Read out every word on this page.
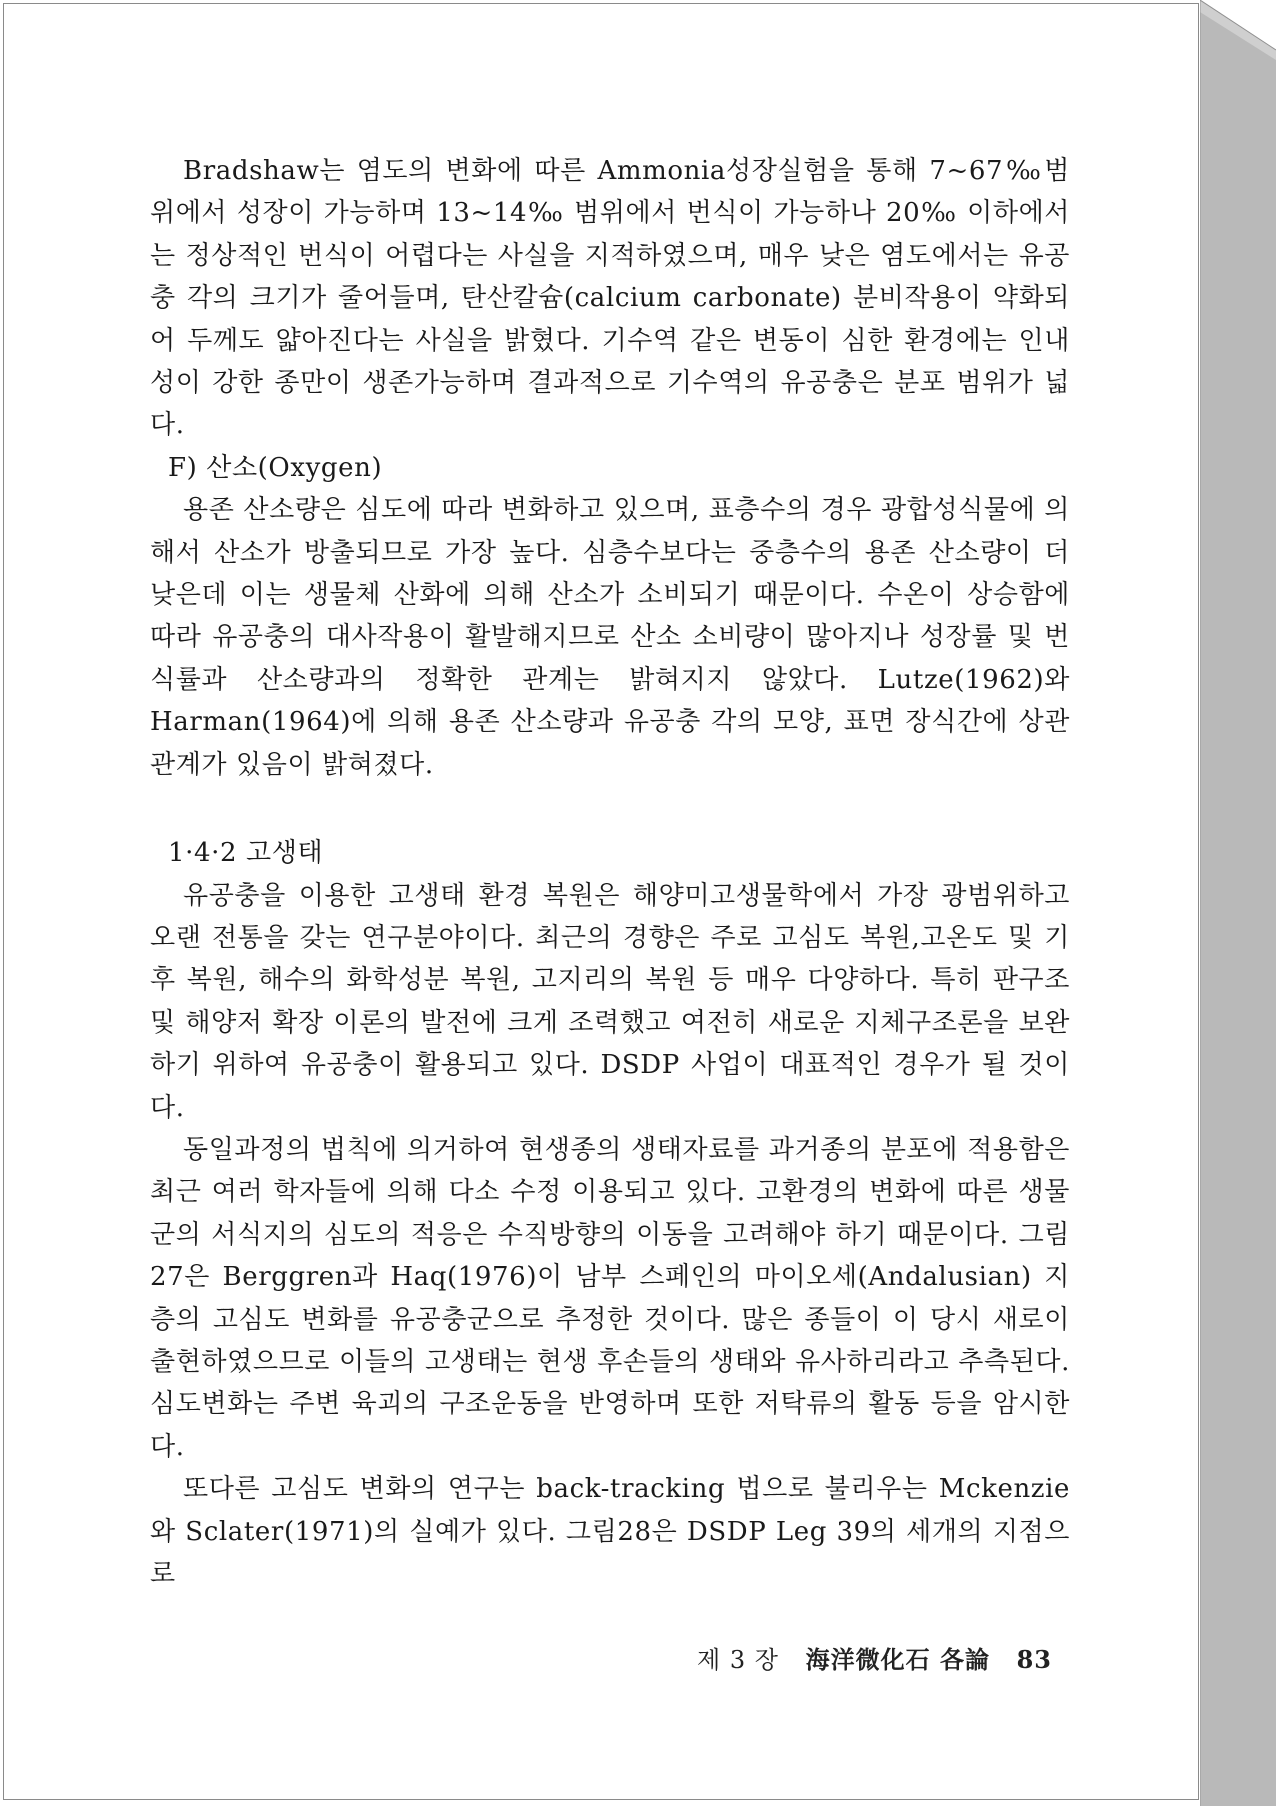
Bradshaw는 염도의 변화에 따른 Ammonia성장실험을 통해 7~67‰범위에서 성장이 가능하며 13~14‰ 범위에서 번식이 가능하나 20‰ 이하에서는 정상적인 번식이 어렵다는 사실을 지적하였으며, 매우 낮은 염도에서는 유공충 각의 크기가 줄어들며, 탄산칼슘(calcium carbonate) 분비작용이 약화되어 두께도 얇아진다는 사실을 밝혔다. 기수역 같은 변동이 심한 환경에는 인내성이 강한 종만이 생존가능하며 결과적으로 기수역의 유공충은 분포 범위가 넓다.

F) 산소(Oxygen)

용존 산소량은 심도에 따라 변화하고 있으며, 표층수의 경우 광합성식물에 의해서 산소가 방출되므로 가장 높다. 심층수보다는 중층수의 용존 산소량이 더 낮은데 이는 생물체 산화에 의해 산소가 소비되기 때문이다. 수온이 상승함에 따라 유공충의 대사작용이 활발해지므로 산소 소비량이 많아지나 성장률 및 번식률과 산소량과의 정확한 관계는 밝혀지지 않았다. Lutze(1962)와 Harman(1964)에 의해 용존 산소량과 유공충 각의 모양, 표면 장식간에 상관관계가 있음이 밝혀졌다.

1·4·2 고생태

유공충을 이용한 고생태 환경 복원은 해양미고생물학에서 가장 광범위하고 오랜 전통을 갖는 연구분야이다. 최근의 경향은 주로 고심도 복원,고온도 및 기후 복원, 해수의 화학성분 복원, 고지리의 복원 등 매우 다양하다. 특히 판구조 및 해양저 확장 이론의 발전에 크게 조력했고 여전히 새로운 지체구조론을 보완하기 위하여 유공충이 활용되고 있다. DSDP 사업이 대표적인 경우가 될 것이다.

동일과정의 법칙에 의거하여 현생종의 생태자료를 과거종의 분포에 적용함은 최근 여러 학자들에 의해 다소 수정 이용되고 있다. 고환경의 변화에 따른 생물군의 서식지의 심도의 적응은 수직방향의 이동을 고려해야 하기 때문이다. 그림27은 Berggren과 Haq(1976)이 남부 스페인의 마이오세(Andalusian) 지층의 고심도 변화를 유공충군으로 추정한 것이다. 많은 종들이 이 당시 새로이 출현하였으므로 이들의 고생태는 현생 후손들의 생태와 유사하리라고 추측된다. 심도변화는 주변 육괴의 구조운동을 반영하며 또한 저탁류의 활동 등을 암시한다.

또다른 고심도 변화의 연구는 back-tracking 법으로 불리우는 Mckenzie와 Sclater(1971)의 실예가 있다. 그림28은 DSDP Leg 39의 세개의 지점으로

제 3 장 海洋微化石 各論 83
